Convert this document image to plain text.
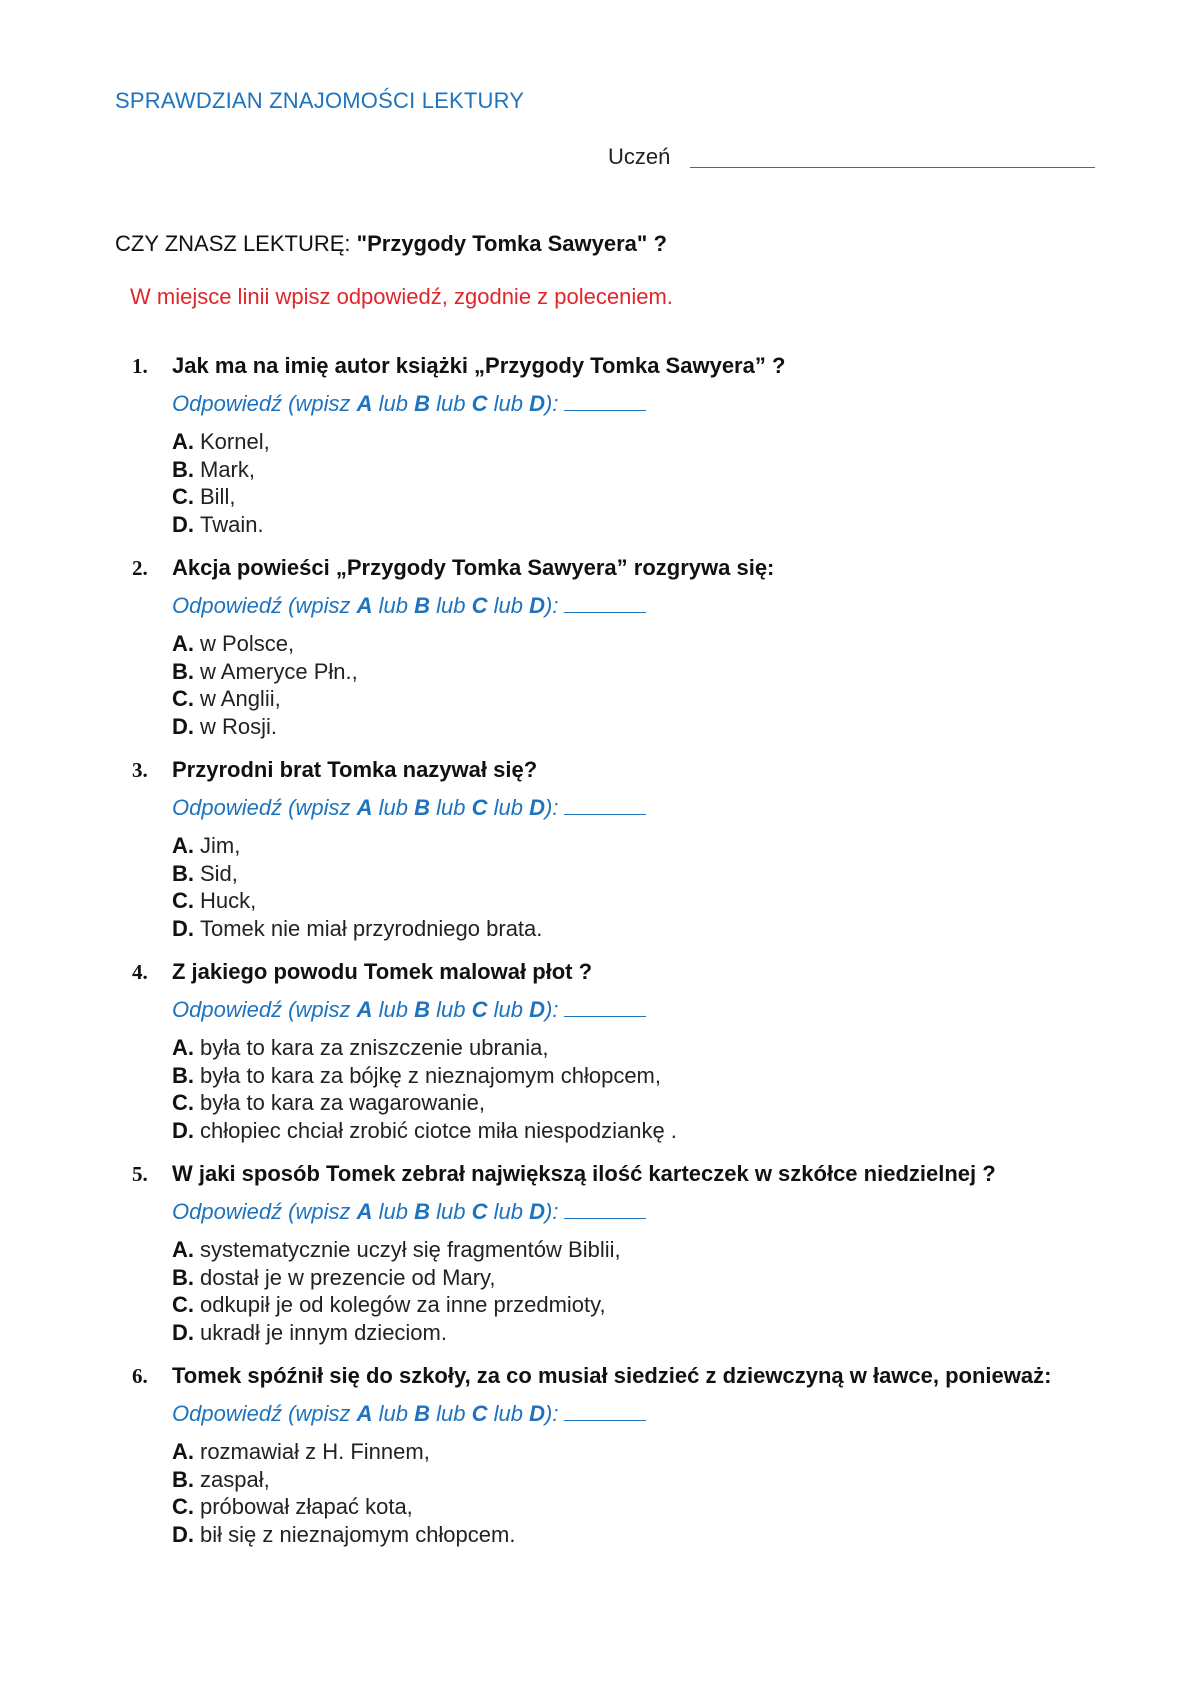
SPRAWDZIAN ZNAJOMOŚCI LEKTURY
Uczeń
CZY ZNASZ LEKTURĘ: "Przygody Tomka Sawyera" ?
W miejsce linii wpisz odpowiedź, zgodnie z poleceniem.
1. Jak ma na imię autor książki „Przygody Tomka Sawyera” ?
Odpowiedź (wpisz A lub B lub C lub D):
A. Kornel,
B. Mark,
C. Bill,
D. Twain.
2. Akcja powieści „Przygody Tomka Sawyera” rozgrywa się:
Odpowiedź (wpisz A lub B lub C lub D):
A. w Polsce,
B. w Ameryce Płn.,
C. w Anglii,
D. w Rosji.
3. Przyrodni brat Tomka nazywał się?
Odpowiedź (wpisz A lub B lub C lub D):
A. Jim,
B. Sid,
C. Huck,
D. Tomek nie miał przyrodniego brata.
4. Z jakiego powodu Tomek malował płot ?
Odpowiedź (wpisz A lub B lub C lub D):
A. była to kara za zniszczenie ubrania,
B. była to kara za bójkę z nieznajomym chłopcem,
C. była to kara za wagarowanie,
D. chłopiec chciał zrobić ciotce miła niespodziankę .
5. W jaki sposób Tomek zebrał największą ilość karteczek w szkółce niedzielnej ?
Odpowiedź (wpisz A lub B lub C lub D):
A. systematycznie uczył się fragmentów Biblii,
B. dostał je w prezencie od Mary,
C. odkupił je od kolegów za inne przedmioty,
D. ukradł je innym dzieciom.
6. Tomek spóźnił się do szkoły, za co musiał siedzieć z dziewczyną w ławce, ponieważ:
Odpowiedź (wpisz A lub B lub C lub D):
A. rozmawiał z H. Finnem,
B. zaspał,
C. próbował złapać kota,
D. bił się z nieznajomym chłopcem.
